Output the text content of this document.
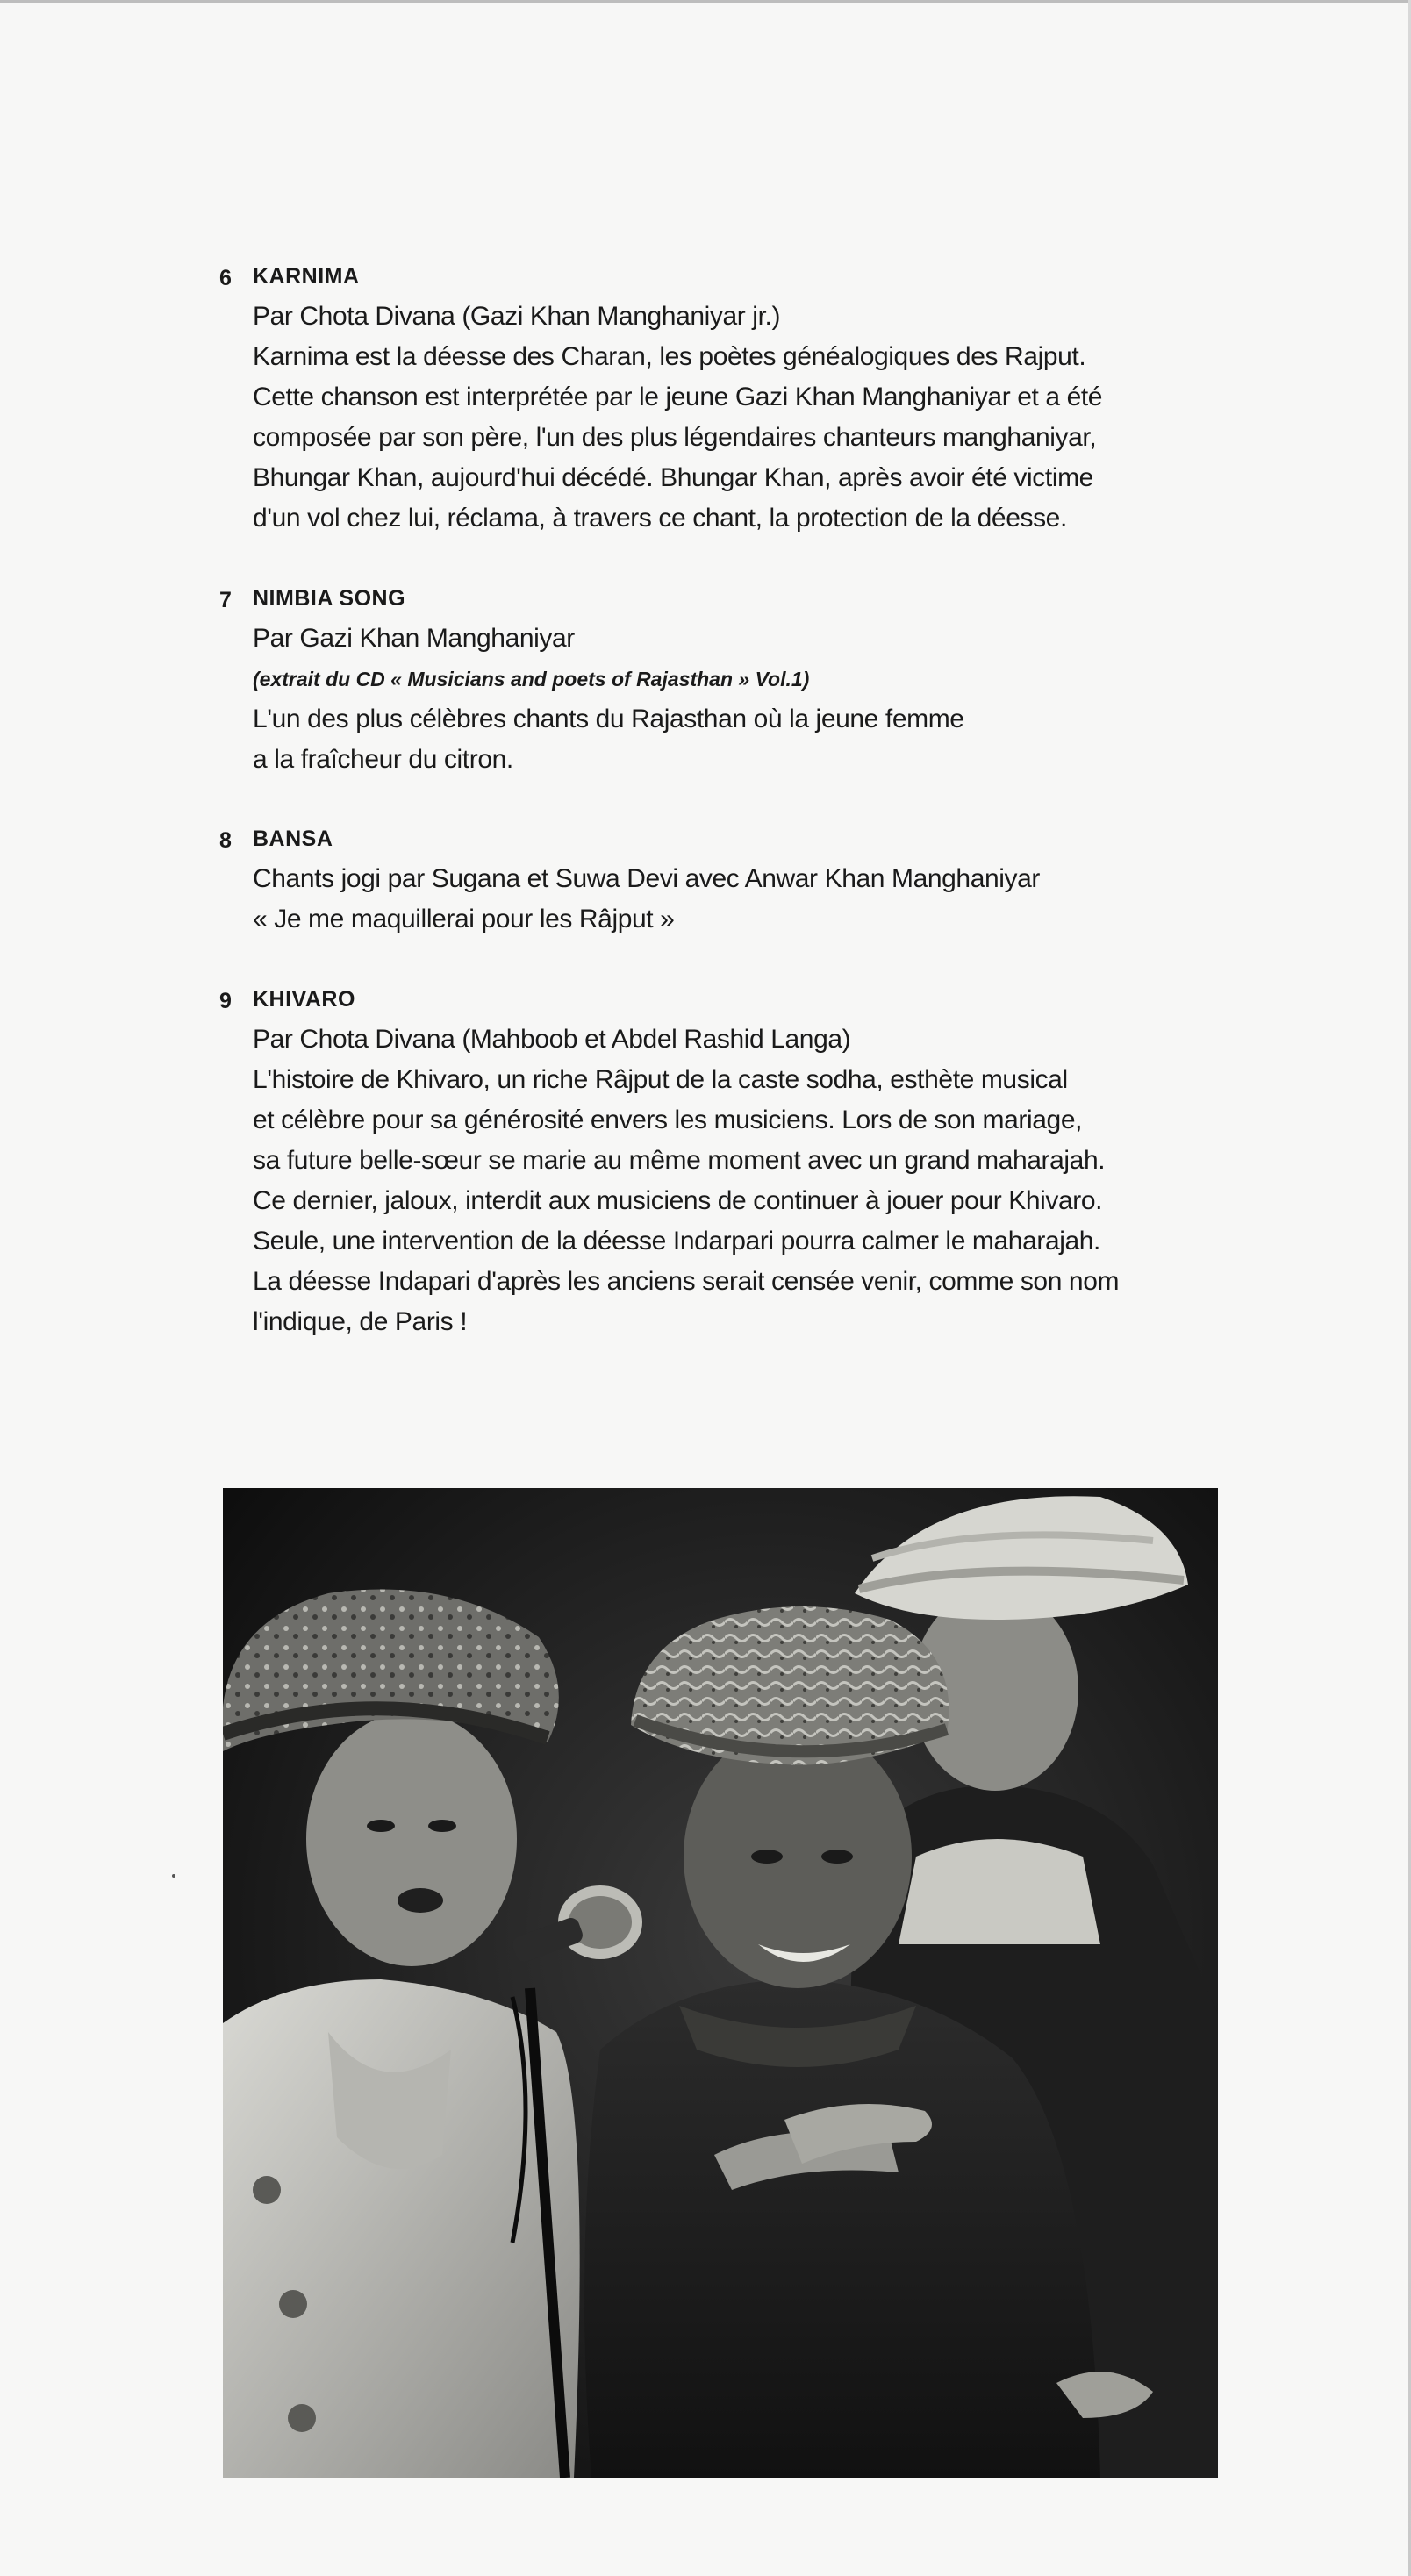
6 KARNIMA

Par Chota Divana (Gazi Khan Manghaniyar jr.)

Karnima est la déesse des Charan, les poètes généalogiques des Rajput.

Cette chanson est interprétée par le jeune Gazi Khan Manghaniyar et a été

composée par son père, l'un des plus légendaires chanteurs manghaniyar,

Bhungar Khan, aujourd'hui décédé. Bhungar Khan, après avoir été victime

d'un vol chez lui, réclama, à travers ce chant, la protection de la déesse.

7 NIMBIA SONG

Par Gazi Khan Manghaniyar

(extrait du CD « Musicians and poets of Rajasthan » Vol.1)

L'un des plus célèbres chants du Rajasthan où la jeune femme

a la fraîcheur du citron.

8 BANSA

Chants jogi par Sugana et Suwa Devi avec Anwar Khan Manghaniyar

« Je me maquillerai pour les Râjput »

9 KHIVARO

Par Chota Divana (Mahboob et Abdel Rashid Langa)

L'histoire de Khivaro, un riche Râjput de la caste sodha, esthète musical

et célèbre pour sa générosité envers les musiciens. Lors de son mariage,

sa future belle-sœur se marie au même moment avec un grand maharajah.

Ce dernier, jaloux, interdit aux musiciens de continuer à jouer pour Khivaro.

Seule, une intervention de la déesse Indarpari pourra calmer le maharajah.

La déesse Indapari d'après les anciens serait censée venir, comme son nom

l'indique, de Paris !
